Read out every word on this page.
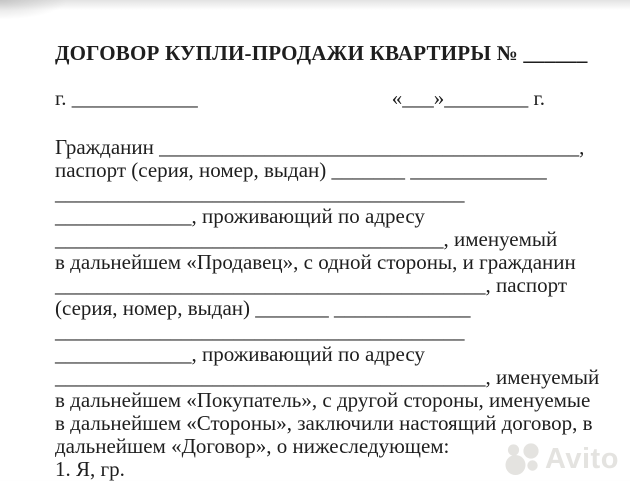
Avito
ДОГОВОР КУПЛИ-ПРОДАЖИ КВАРТИРЫ № ______
г. ____________	«___»________ г.
Гражданин ________________________________________,
паспорт (серия, номер, выдан) _______ _____________
_______________________________________
_____________, проживающий по адресу
_____________________________________, именуемый
в дальнейшем «Продавец», с одной стороны, и гражданин
_________________________________________, паспорт
(серия, номер, выдан) _______ _____________
_______________________________________
_____________, проживающий по адресу
_________________________________________, именуемый
в дальнейшем «Покупатель», с другой стороны, именуемые
в дальнейшем «Стороны», заключили настоящий договор, в
дальнейшем «Договор», о нижеследующем:
1. Я, гр.
